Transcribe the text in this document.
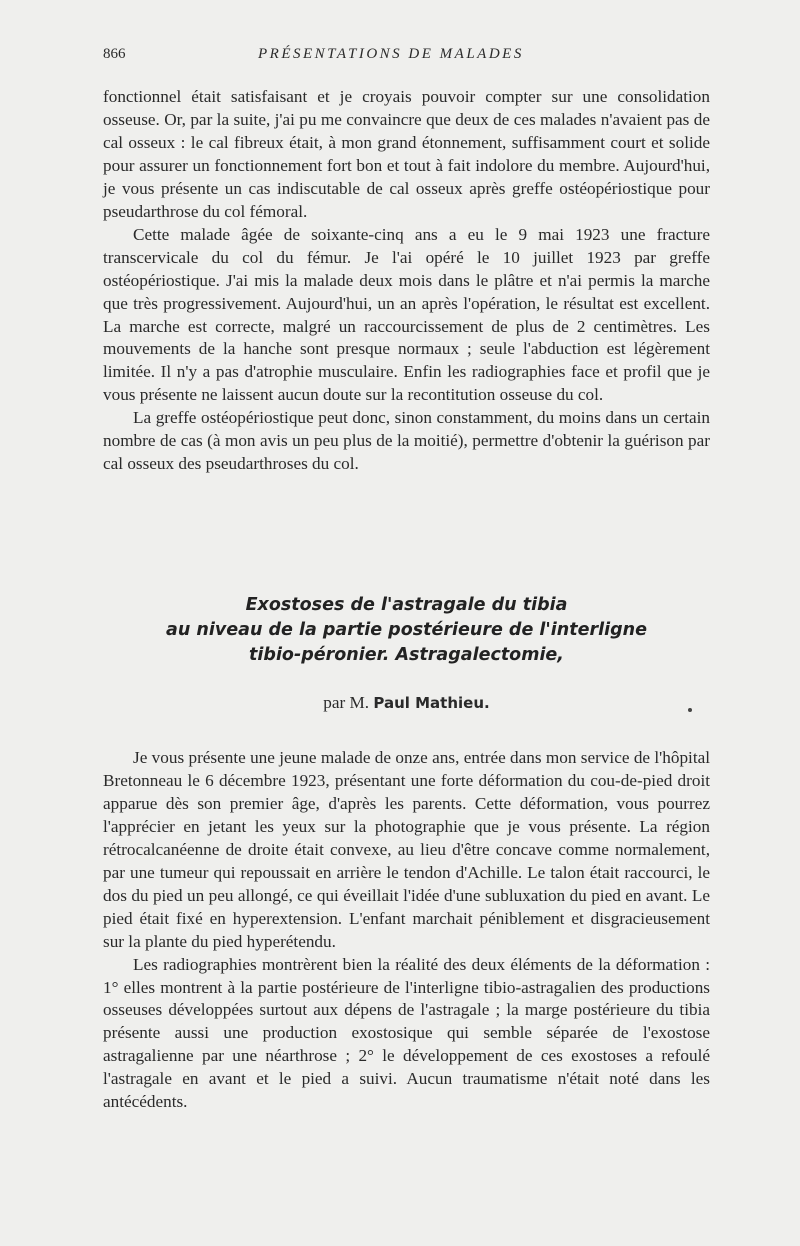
866	PRÉSENTATIONS DE MALADES

fonctionnel était satisfaisant et je croyais pouvoir compter sur une consolidation osseuse. Or, par la suite, j'ai pu me convaincre que deux de ces malades n'avaient pas de cal osseux : le cal fibreux était, à mon grand étonnement, suffisamment court et solide pour assurer un fonctionnement fort bon et tout à fait indolore du membre. Aujourd'hui, je vous présente un cas indiscutable de cal osseux après greffe ostéopériostique pour pseudarthrose du col fémoral.

Cette malade âgée de soixante-cinq ans a eu le 9 mai 1923 une fracture transcervicale du col du fémur. Je l'ai opéré le 10 juillet 1923 par greffe ostéopériostique. J'ai mis la malade deux mois dans le plâtre et n'ai permis la marche que très progressivement. Aujourd'hui, un an après l'opération, le résultat est excellent. La marche est correcte, malgré un raccourcissement de plus de 2 centimètres. Les mouvements de la hanche sont presque normaux ; seule l'abduction est légèrement limitée. Il n'y a pas d'atrophie musculaire. Enfin les radiographies face et profil que je vous présente ne laissent aucun doute sur la recontitution osseuse du col.

La greffe ostéopériostique peut donc, sinon constamment, du moins dans un certain nombre de cas (à mon avis un peu plus de la moitié), permettre d'obtenir la guérison par cal osseux des pseudarthroses du col.

Exostoses de l'astragale du tibia
au niveau de la partie postérieure de l'interligne
tibio-péronier. Astragalectomie,
par M. Paul Mathieu.

Je vous présente une jeune malade de onze ans, entrée dans mon service de l'hôpital Bretonneau le 6 décembre 1923, présentant une forte déformation du cou-de-pied droit apparue dès son premier âge, d'après les parents. Cette déformation, vous pourrez l'apprécier en jetant les yeux sur la photographie que je vous présente. La région rétrocalcanéenne de droite était convexe, au lieu d'être concave comme normalement, par une tumeur qui repoussait en arrière le tendon d'Achille. Le talon était raccourci, le dos du pied un peu allongé, ce qui éveillait l'idée d'une subluxation du pied en avant. Le pied était fixé en hyperextension. L'enfant marchait péniblement et disgracieusement sur la plante du pied hyperétendu.

Les radiographies montrèrent bien la réalité des deux éléments de la déformation : 1° elles montrent à la partie postérieure de l'interligne tibio-astragalien des productions osseuses développées surtout aux dépens de l'astragale ; la marge postérieure du tibia présente aussi une production exostosique qui semble séparée de l'exostose astragalienne par une néarthrose ; 2° le développement de ces exostoses a refoulé l'astragale en avant et le pied a suivi. Aucun traumatisme n'était noté dans les antécédents.
